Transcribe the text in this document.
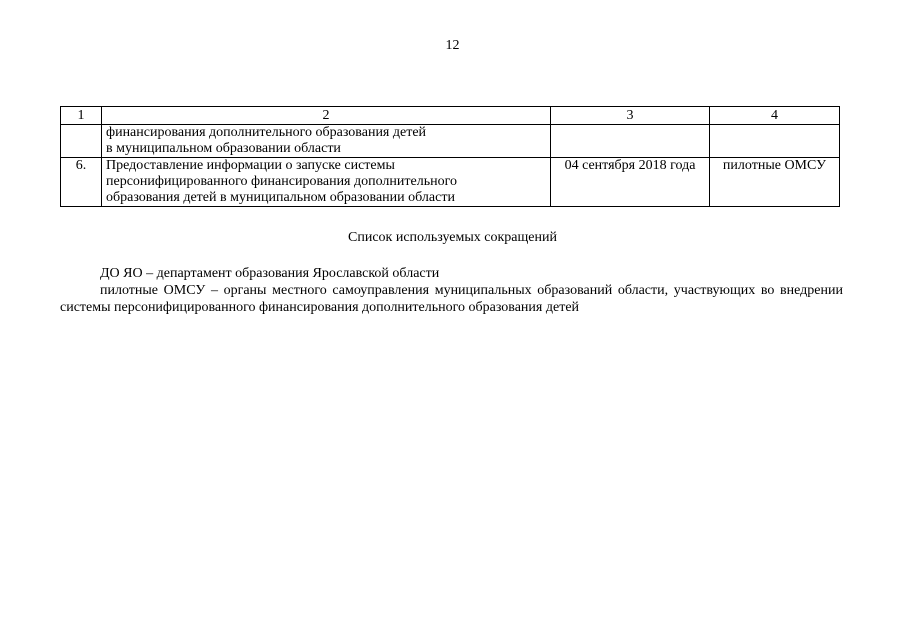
12
1	2	3	4

	финансирования дополнительного образования детей
в муниципальном образовании области		

6.	Предоставление информации о запуске системы
персонифицированного финансирования дополнительного
образования детей в муниципальном образовании области	04 сентября 2018 года	пилотные ОМСУ
Список используемых сокращений
ДО ЯО – департамент образования Ярославской области
пилотные ОМСУ – органы местного самоуправления муниципальных образований области, участвующих во внедрении системы персонифицированного финансирования дополнительного образования детей
